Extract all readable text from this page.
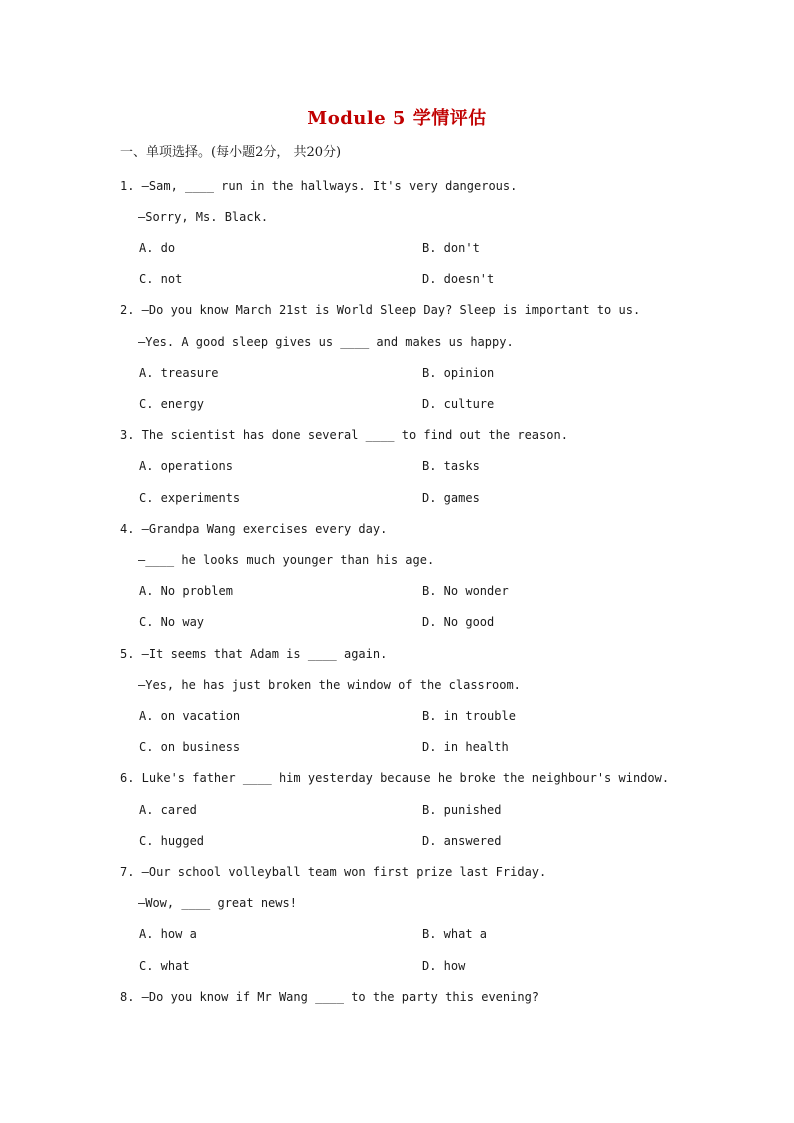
Module 5 学情评估
一、单项选择。(每小题2分， 共20分)
1. —Sam, ____ run in the hallways. It's very dangerous.
—Sorry, Ms. Black.
A. do	B. don't
C. not	D. doesn't
2. —Do you know March 21st is World Sleep Day? Sleep is important to us.
—Yes. A good sleep gives us ____ and makes us happy.
A. treasure	B. opinion
C. energy	D. culture
3. The scientist has done several ____ to find out the reason.
A. operations	B. tasks
C. experiments	D. games
4. —Grandpa Wang exercises every day.
—____ he looks much younger than his age.
A. No problem	B. No wonder
C. No way	D. No good
5. —It seems that Adam is ____ again.
—Yes, he has just broken the window of the classroom.
A. on vacation	B. in trouble
C. on business	D. in health
6. Luke's father ____ him yesterday because he broke the neighbour's window.
A. cared	B. punished
C. hugged	D. answered
7. —Our school volleyball team won first prize last Friday.
—Wow, ____ great news!
A. how a	B. what a
C. what	D. how
8. —Do you know if Mr Wang ____ to the party this evening?
